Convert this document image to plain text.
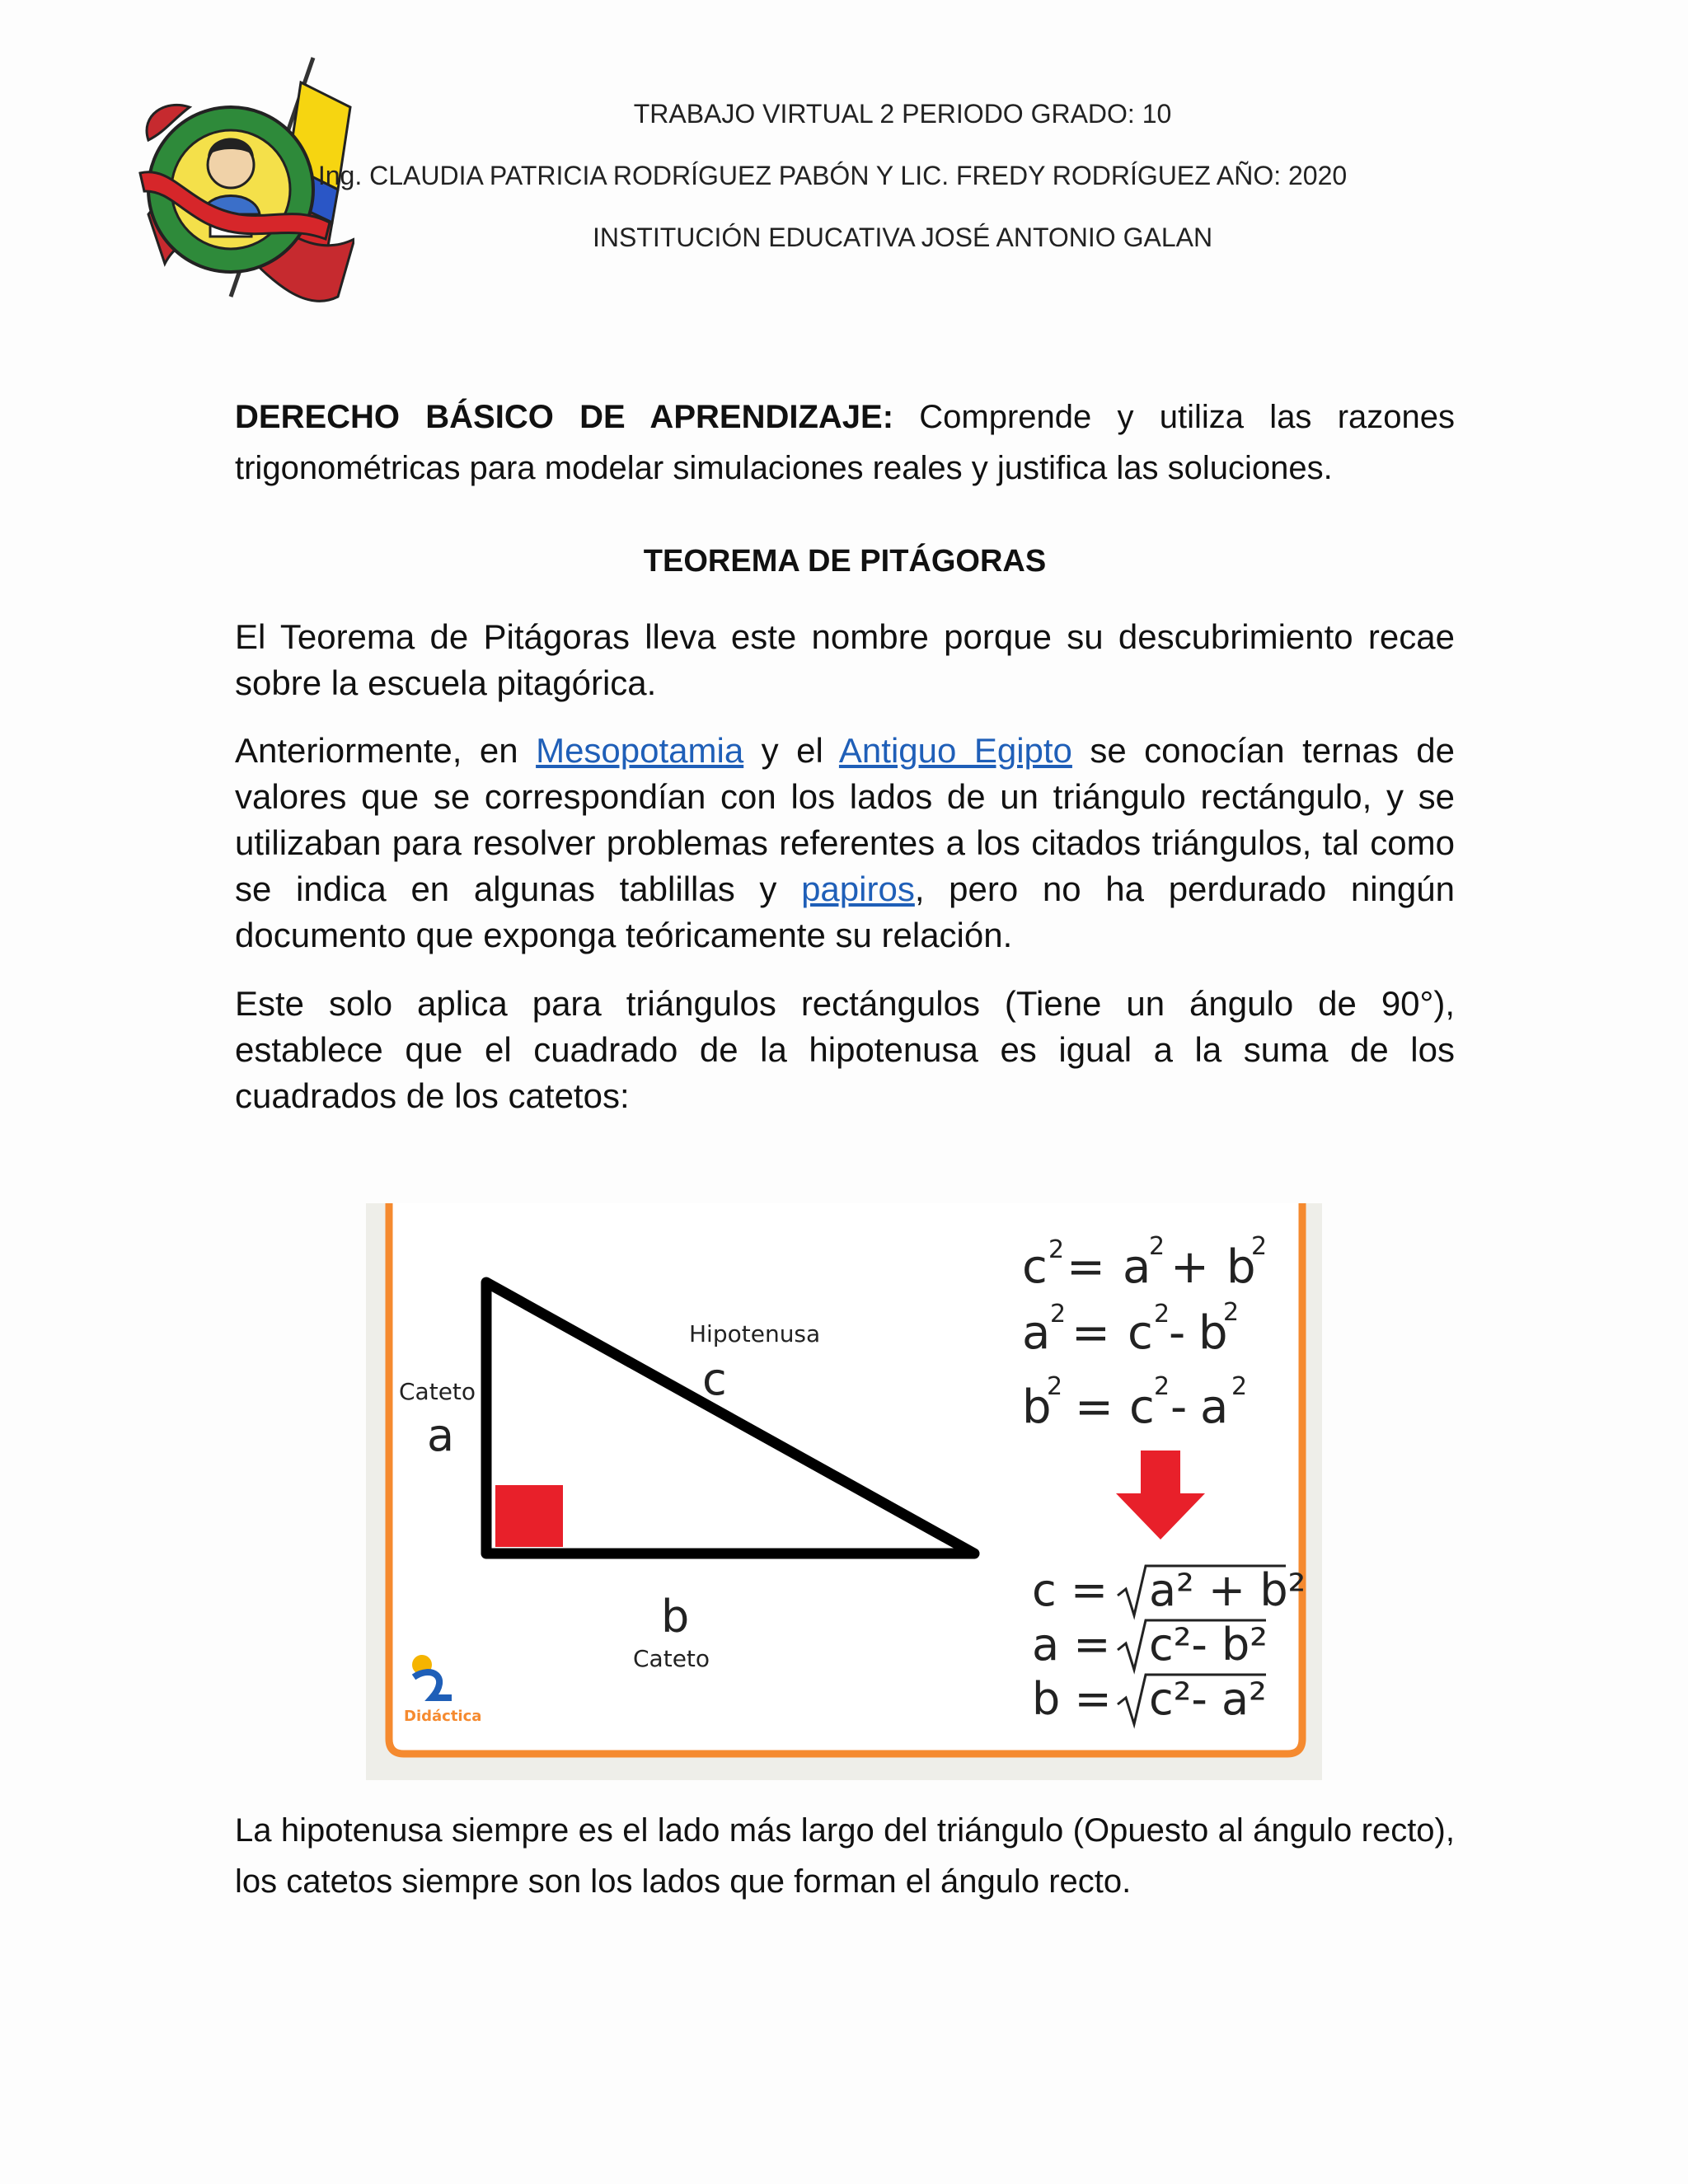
TRABAJO VIRTUAL 2 PERIODO GRADO: 10
Ing. CLAUDIA PATRICIA RODRÍGUEZ PABÓN Y LIC. FREDY RODRÍGUEZ AÑO: 2020
INSTITUCIÓN EDUCATIVA JOSÉ ANTONIO GALAN

DERECHO BÁSICO DE APRENDIZAJE: Comprende y utiliza las razones trigonométricas para modelar simulaciones reales y justifica las soluciones.

TEOREMA DE PITÁGORAS

El Teorema de Pitágoras lleva este nombre porque su descubrimiento recae sobre la escuela pitagórica.

Anteriormente, en Mesopotamia y el Antiguo Egipto se conocían ternas de valores que se correspondían con los lados de un triángulo rectángulo, y se utilizaban para resolver problemas referentes a los citados triángulos, tal como se indica en algunas tablillas y papiros, pero no ha perdurado ningún documento que exponga teóricamente su relación.

Este solo aplica para triángulos rectángulos (Tiene un ángulo de 90°), establece que el cuadrado de la hipotenusa es igual a la suma de los cuadrados de los catetos:

Cateto
a
Hipotenusa
c
b
Cateto
c 2 = a
2 + b
2
a 2 = c 2
- b
2
b
2 = c 2 - a 2
c = a² + b²
a = c²- b²
b = c²- a²
Didáctica

La hipotenusa siempre es el lado más largo del triángulo (Opuesto al ángulo recto), los catetos siempre son los lados que forman el ángulo recto.
